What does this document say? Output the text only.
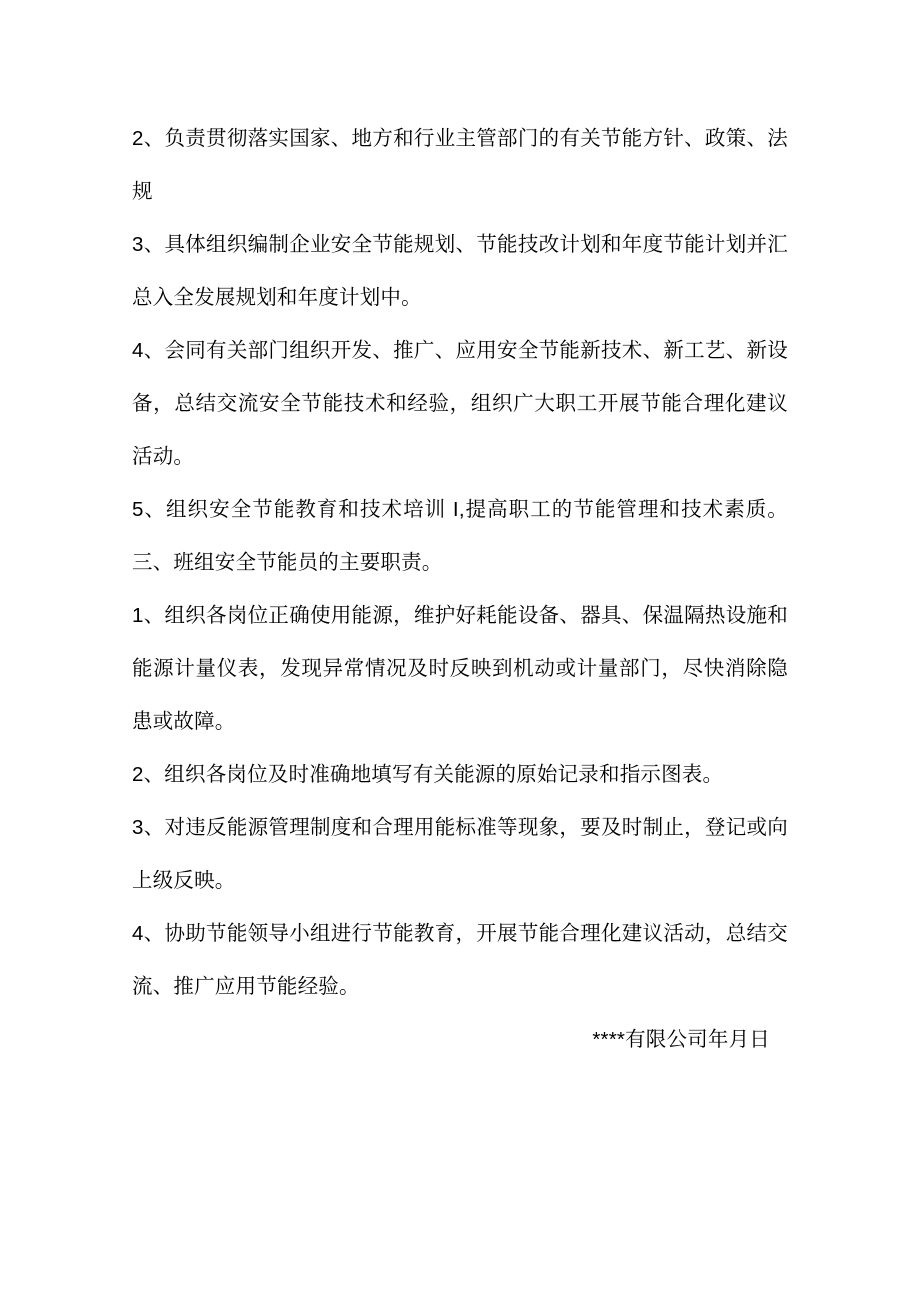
2、负责贯彻落实国家、地方和行业主管部门的有关节能方针、政策、法规

3、具体组织编制企业安全节能规划、节能技改计划和年度节能计划并汇总入全发展规划和年度计划中。

4、会同有关部门组织开发、推广、应用安全节能新技术、新工艺、新设备，总结交流安全节能技术和经验，组织广大职工开展节能合理化建议活动。

5、组织安全节能教育和技术培训 I,提高职工的节能管理和技术素质。三、班组安全节能员的主要职责。

1、组织各岗位正确使用能源，维护好耗能设备、器具、保温隔热设施和能源计量仪表，发现异常情况及时反映到机动或计量部门，尽快消除隐患或故障。

2、组织各岗位及时准确地填写有关能源的原始记录和指示图表。

3、对违反能源管理制度和合理用能标准等现象，要及时制止，登记或向上级反映。

4、协助节能领导小组进行节能教育，开展节能合理化建议活动，总结交流、推广应用节能经验。

****有限公司年月日
